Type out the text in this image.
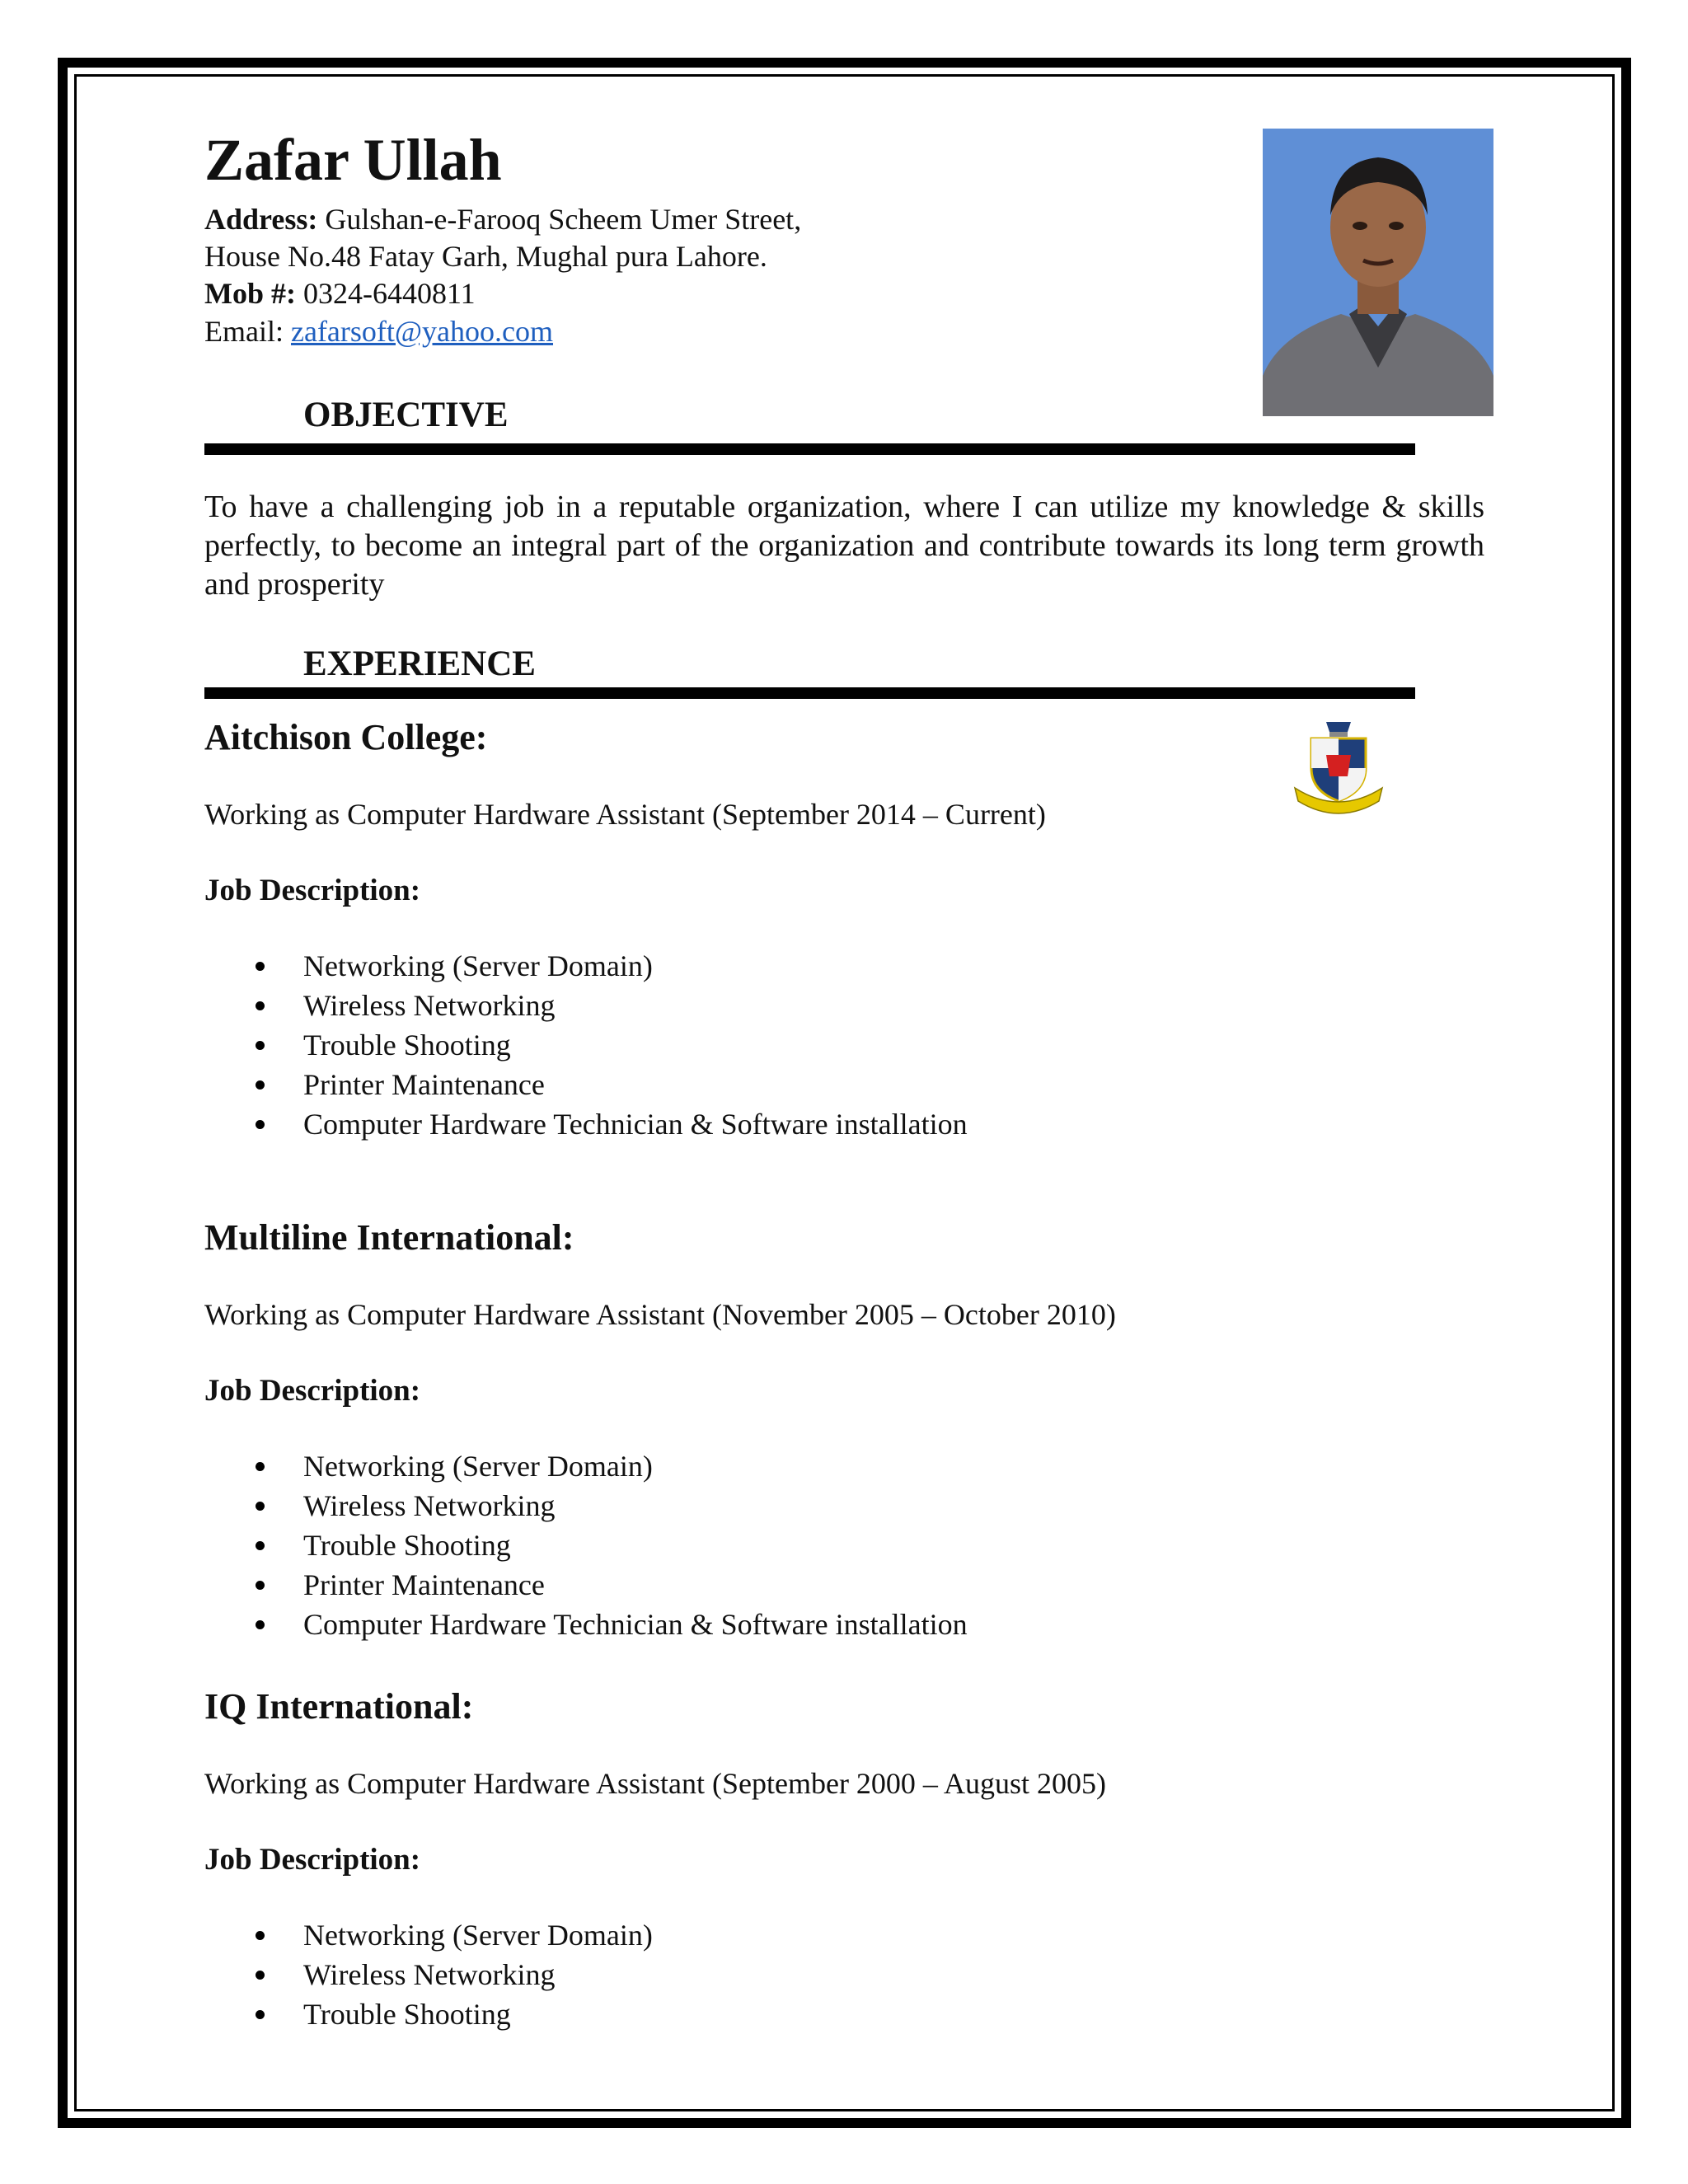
Zafar Ullah
Address: Gulshan-e-Farooq Scheem Umer Street,
House No.48 Fatay Garh, Mughal pura Lahore.
Mob #: 0324-6440811
Email: zafarsoft@yahoo.com
OBJECTIVE
To have a challenging job in a reputable organization, where I can utilize my knowledge & skills perfectly, to become an integral part of the organization and contribute towards its long term growth and prosperity
EXPERIENCE
Aitchison College:
Working as Computer Hardware Assistant (September 2014 – Current)
Job Description:
Networking (Server Domain)
Wireless Networking
Trouble Shooting
Printer Maintenance
Computer Hardware Technician & Software installation
Multiline International:
Working as Computer Hardware Assistant (November 2005 – October 2010)
Job Description:
Networking (Server Domain)
Wireless Networking
Trouble Shooting
Printer Maintenance
Computer Hardware Technician & Software installation
IQ International:
Working as Computer Hardware Assistant (September 2000 – August 2005)
Job Description:
Networking (Server Domain)
Wireless Networking
Trouble Shooting
